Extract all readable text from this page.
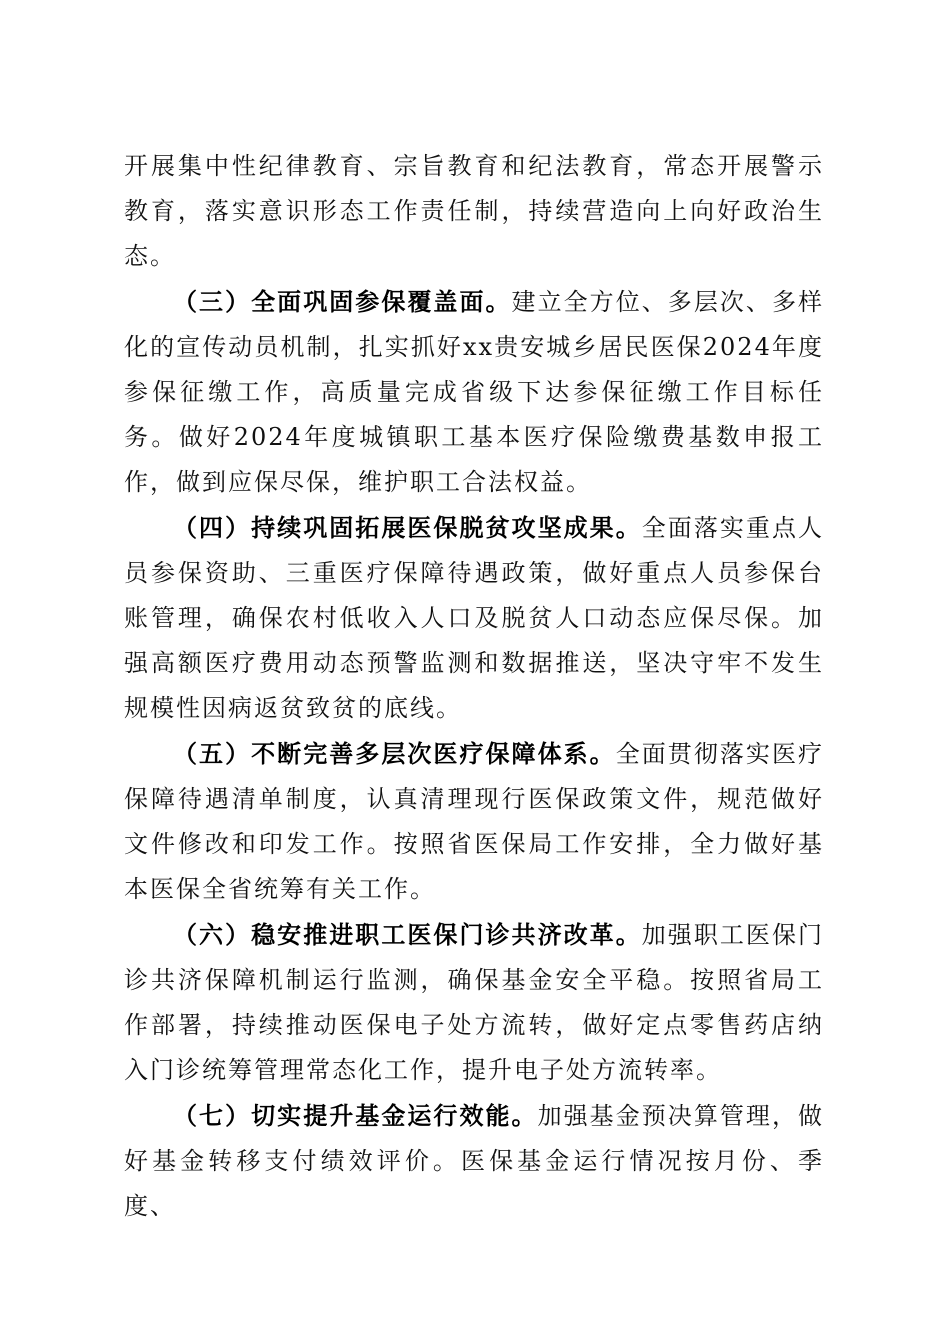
开展集中性纪律教育、宗旨教育和纪法教育，常态开展警示教育，落实意识形态工作责任制，持续营造向上向好政治生态。

（三）全面巩固参保覆盖面。建立全方位、多层次、多样化的宣传动员机制，扎实抓好xx贵安城乡居民医保2024年度参保征缴工作，高质量完成省级下达参保征缴工作目标任务。做好2024年度城镇职工基本医疗保险缴费基数申报工作，做到应保尽保，维护职工合法权益。

（四）持续巩固拓展医保脱贫攻坚成果。全面落实重点人员参保资助、三重医疗保障待遇政策，做好重点人员参保台账管理，确保农村低收入人口及脱贫人口动态应保尽保。加强高额医疗费用动态预警监测和数据推送，坚决守牢不发生规模性因病返贫致贫的底线。

（五）不断完善多层次医疗保障体系。全面贯彻落实医疗保障待遇清单制度，认真清理现行医保政策文件，规范做好文件修改和印发工作。按照省医保局工作安排，全力做好基本医保全省统筹有关工作。

（六）稳安推进职工医保门诊共济改革。加强职工医保门诊共济保障机制运行监测，确保基金安全平稳。按照省局工作部署，持续推动医保电子处方流转，做好定点零售药店纳入门诊统筹管理常态化工作，提升电子处方流转率。

（七）切实提升基金运行效能。加强基金预决算管理，做好基金转移支付绩效评价。医保基金运行情况按月份、季度、
